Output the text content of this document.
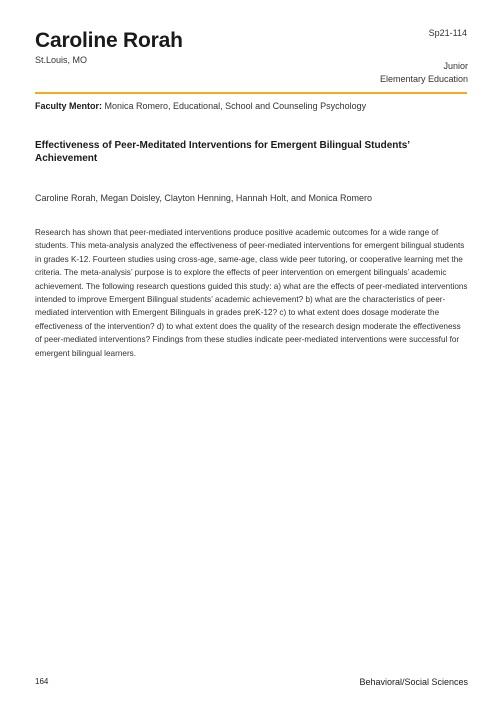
Caroline Rorah
St.Louis, MO
Sp21-114
Junior
Elementary Education
Faculty Mentor: Monica Romero, Educational, School and Counseling Psychology
Effectiveness of Peer-Meditated Interventions for Emergent Bilingual Students’ Achievement
Caroline Rorah, Megan Doisley, Clayton Henning, Hannah Holt, and Monica Romero
Research has shown that peer-mediated interventions produce positive academic outcomes for a wide range of students. This meta-analysis analyzed the effectiveness of peer-mediated interventions for emergent bilingual students in grades K-12. Fourteen studies using cross-age, same-age, class wide peer tutoring, or cooperative learning met the criteria. The meta-analysis’ purpose is to explore the effects of peer intervention on emergent bilinguals’ academic achievement. The following research questions guided this study: a) what are the effects of peer-mediated interventions intended to improve Emergent Bilingual students’ academic achievement? b) what are the characteristics of peer-mediated intervention with Emergent Bilinguals in grades preK-12? c) to what extent does dosage moderate the effectiveness of the intervention? d) to what extent does the quality of the research design moderate the effectiveness of peer-mediated interventions? Findings from these studies indicate peer-mediated interventions were successful for emergent bilingual learners.
164	Behavioral/Social Sciences
